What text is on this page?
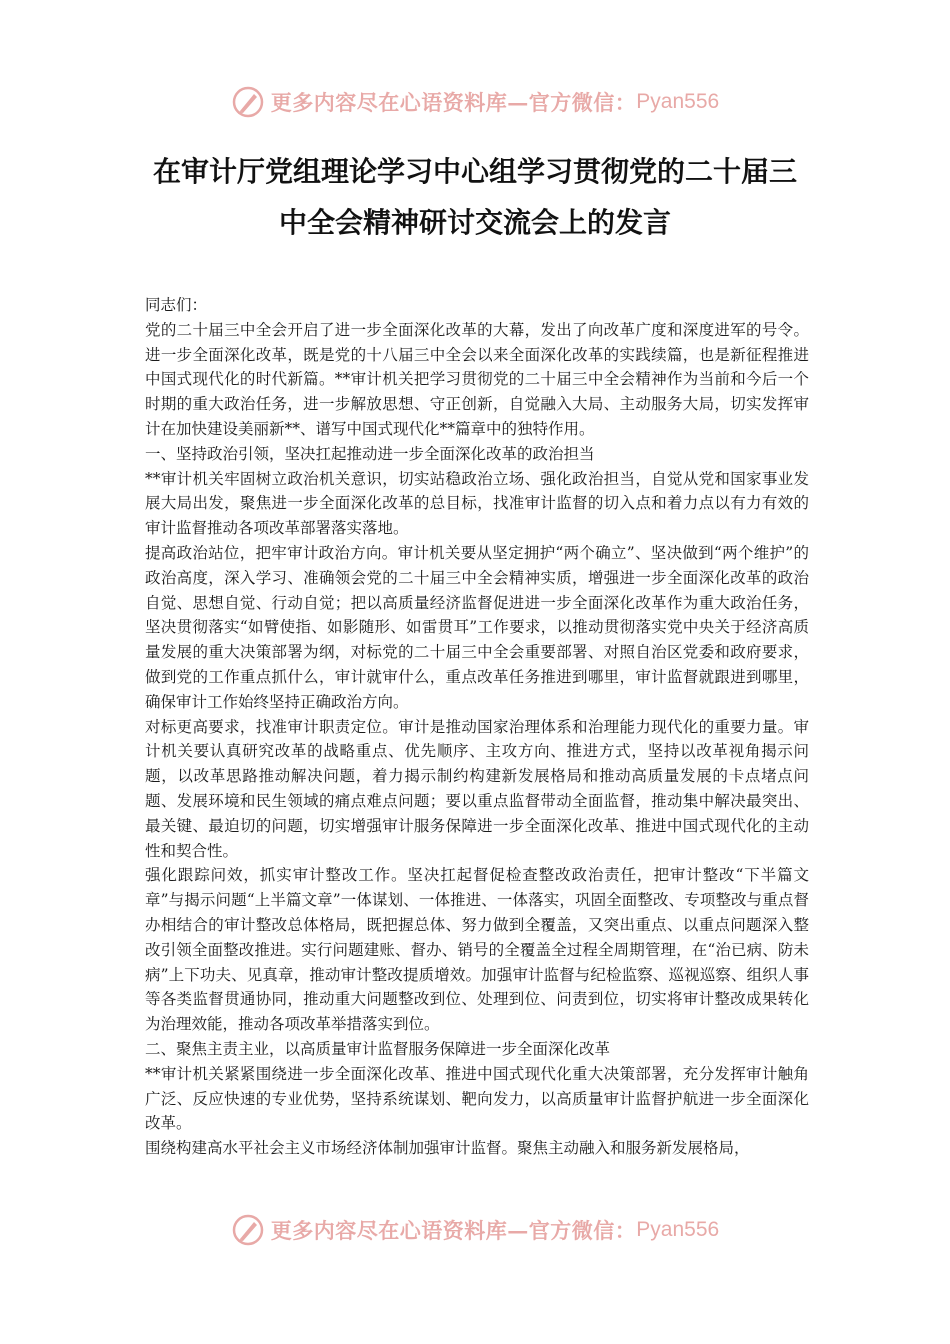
更多内容尽在心语资料库—官方微信： Pyan556
在审计厅党组理论学习中心组学习贯彻党的二十届三
中全会精神研讨交流会上的发言

同志们：

党的二十届三中全会开启了进一步全面深化改革的大幕，发出了向改革广度和深度进军的号令。进一步全面深化改革，既是党的十八届三中全会以来全面深化改革的实践续篇，也是新征程推进中国式现代化的时代新篇。**审计机关把学习贯彻党的二十届三中全会精神作为当前和今后一个时期的重大政治任务，进一步解放思想、守正创新，自觉融入大局、主动服务大局，切实发挥审计在加快建设美丽新**、谱写中国式现代化**篇章中的独特作用。

一、坚持政治引领，坚决扛起推动进一步全面深化改革的政治担当

**审计机关牢固树立政治机关意识，切实站稳政治立场、强化政治担当，自觉从党和国家事业发展大局出发，聚焦进一步全面深化改革的总目标，找准审计监督的切入点和着力点以有力有效的审计监督推动各项改革部署落实落地。

提高政治站位，把牢审计政治方向。审计机关要从坚定拥护“两个确立”、坚决做到“两个维护”的政治高度，深入学习、准确领会党的二十届三中全会精神实质，增强进一步全面深化改革的政治自觉、思想自觉、行动自觉；把以高质量经济监督促进进一步全面深化改革作为重大政治任务，坚决贯彻落实“如臂使指、如影随形、如雷贯耳”工作要求，以推动贯彻落实党中央关于经济高质量发展的重大决策部署为纲，对标党的二十届三中全会重要部署、对照自治区党委和政府要求，做到党的工作重点抓什么，审计就审什么，重点改革任务推进到哪里，审计监督就跟进到哪里，确保审计工作始终坚持正确政治方向。

对标更高要求，找准审计职责定位。审计是推动国家治理体系和治理能力现代化的重要力量。审计机关要认真研究改革的战略重点、优先顺序、主攻方向、推进方式，坚持以改革视角揭示问题，以改革思路推动解决问题，着力揭示制约构建新发展格局和推动高质量发展的卡点堵点问题、发展环境和民生领域的痛点难点问题；要以重点监督带动全面监督，推动集中解决最突出、最关键、最迫切的问题，切实增强审计服务保障进一步全面深化改革、推进中国式现代化的主动性和契合性。

强化跟踪问效，抓实审计整改工作。坚决扛起督促检查整改政治责任，把审计整改“下半篇文章”与揭示问题“上半篇文章”一体谋划、一体推进、一体落实，巩固全面整改、专项整改与重点督办相结合的审计整改总体格局，既把握总体、努力做到全覆盖，又突出重点、以重点问题深入整改引领全面整改推进。实行问题建账、督办、销号的全覆盖全过程全周期管理，在“治已病、防未病”上下功夫、见真章，推动审计整改提质增效。加强审计监督与纪检监察、巡视巡察、组织人事等各类监督贯通协同，推动重大问题整改到位、处理到位、问责到位，切实将审计整改成果转化为治理效能，推动各项改革举措落实到位。

二、聚焦主责主业，以高质量审计监督服务保障进一步全面深化改革

**审计机关紧紧围绕进一步全面深化改革、推进中国式现代化重大决策部署，充分发挥审计触角广泛、反应快速的专业优势，坚持系统谋划、靶向发力，以高质量审计监督护航进一步全面深化改革。

围绕构建高水平社会主义市场经济体制加强审计监督。聚焦主动融入和服务新发展格局，

更多内容尽在心语资料库—官方微信： Pyan556
